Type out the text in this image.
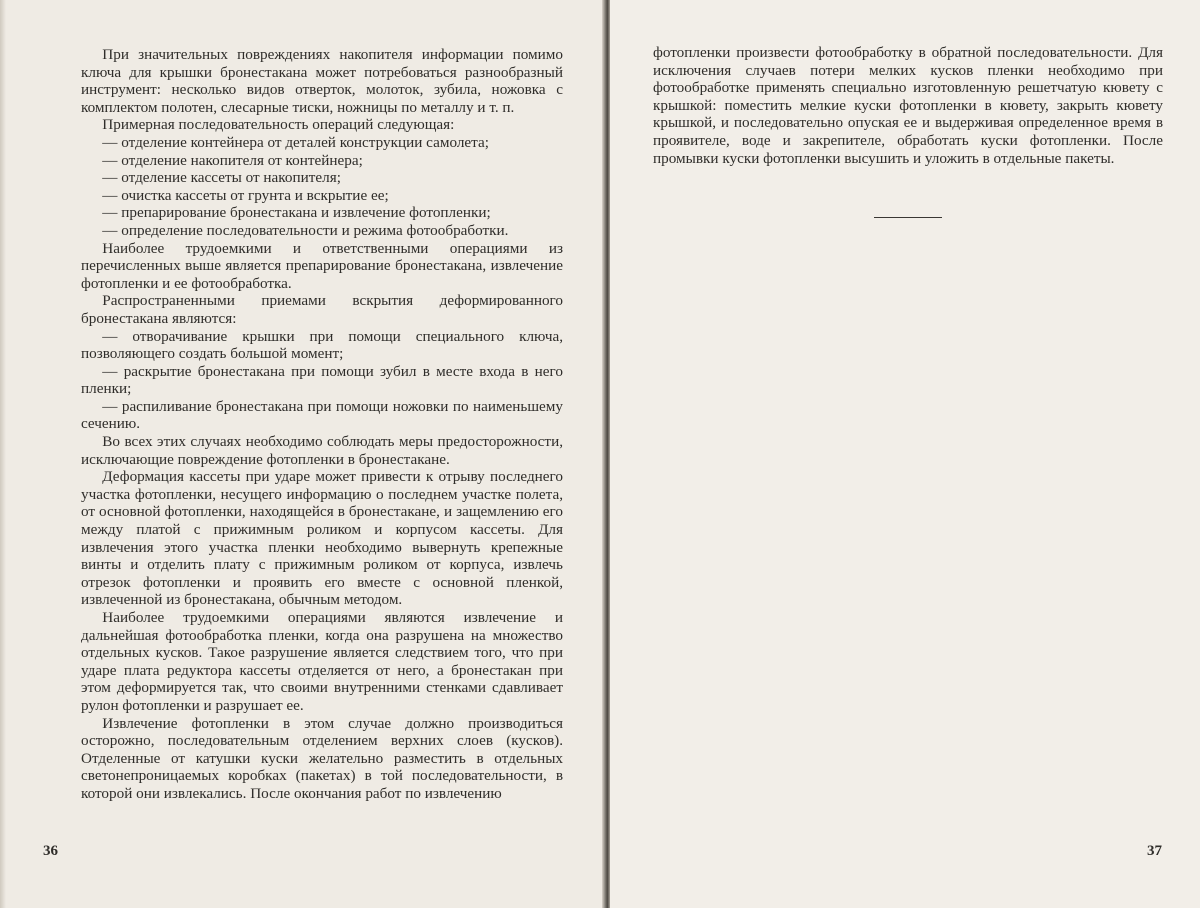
При значительных повреждениях накопителя информации помимо ключа для крышки бронестакана может потребоваться разнообразный инструмент: несколько видов отверток, молоток, зубила, ножовка с комплектом полотен, слесарные тиски, ножницы по металлу и т. п.

Примерная последовательность операций следующая:

— отделение контейнера от деталей конструкции самолета;

— отделение накопителя от контейнера;

— отделение кассеты от накопителя;

— очистка кассеты от грунта и вскрытие ее;

— препарирование бронестакана и извлечение фотопленки;

— определение последовательности и режима фотообработки.

Наиболее трудоемкими и ответственными операциями из перечисленных выше является препарирование бронестакана, извлечение фотопленки и ее фотообработка.

Распространенными приемами вскрытия деформированного бронестакана являются:

— отворачивание крышки при помощи специального ключа, позволяющего создать большой момент;

— раскрытие бронестакана при помощи зубил в месте входа в него пленки;

— распиливание бронестакана при помощи ножовки по наименьшему сечению.

Во всех этих случаях необходимо соблюдать меры предосторожности, исключающие повреждение фотопленки в бронестакане.

Деформация кассеты при ударе может привести к отрыву последнего участка фотопленки, несущего информацию о последнем участке полета, от основной фотопленки, находящейся в бронестакане, и защемлению его между платой с прижимным роликом и корпусом кассеты. Для извлечения этого участка пленки необходимо вывернуть крепежные винты и отделить плату с прижимным роликом от корпуса, извлечь отрезок фотопленки и проявить его вместе с основной пленкой, извлеченной из бронестакана, обычным методом.

Наиболее трудоемкими операциями являются извлечение и дальнейшая фотообработка пленки, когда она разрушена на множество отдельных кусков. Такое разрушение является следствием того, что при ударе плата редуктора кассеты отделяется от него, а бронестакан при этом деформируется так, что своими внутренними стенками сдавливает рулон фотопленки и разрушает ее.

Извлечение фотопленки в этом случае должно производиться осторожно, последовательным отделением верхних слоев (кусков). Отделенные от катушки куски желательно разместить в отдельных светонепроницаемых коробках (пакетах) в той последовательности, в которой они извлекались. После окончания работ по извлечению

36

фотопленки произвести фотообработку в обратной последовательности. Для исключения случаев потери мелких кусков пленки необходимо при фотообработке применять специально изготовленную решетчатую кювету с крышкой: поместить мелкие куски фотопленки в кювету, закрыть кювету крышкой, и последовательно опуская ее и выдерживая определенное время в проявителе, воде и закрепителе, обработать куски фотопленки. После промывки куски фотопленки высушить и уложить в отдельные пакеты.

37
